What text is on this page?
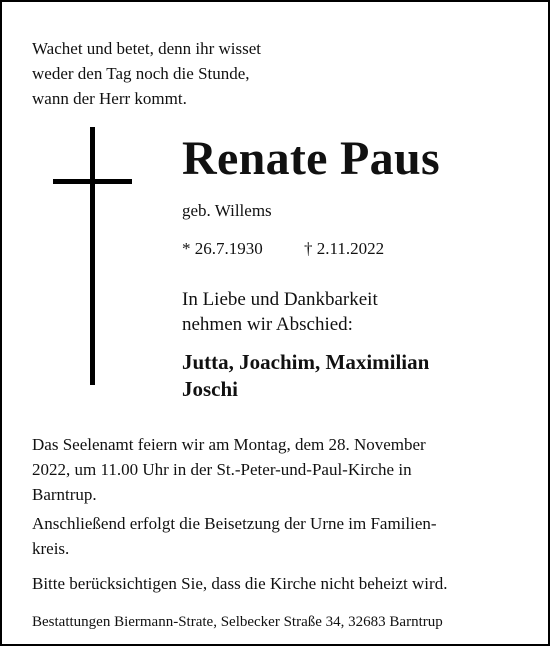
Wachet und betet, denn ihr wisset
weder den Tag noch die Stunde,
wann der Herr kommt.

Renate Paus

geb. Willems

* 26.7.1930 † 2.11.2022

In Liebe und Dankbarkeit
nehmen wir Abschied:

Jutta, Joachim, Maximilian
Joschi

Das Seelenamt feiern wir am Montag, dem 28. November
2022, um 11.00 Uhr in der St.-Peter-und-Paul-Kirche in
Barntrup.

Anschließend erfolgt die Beisetzung der Urne im Familien-
kreis.

Bitte berücksichtigen Sie, dass die Kirche nicht beheizt wird.

Bestattungen Biermann-Strate, Selbecker Straße 34, 32683 Barntrup
